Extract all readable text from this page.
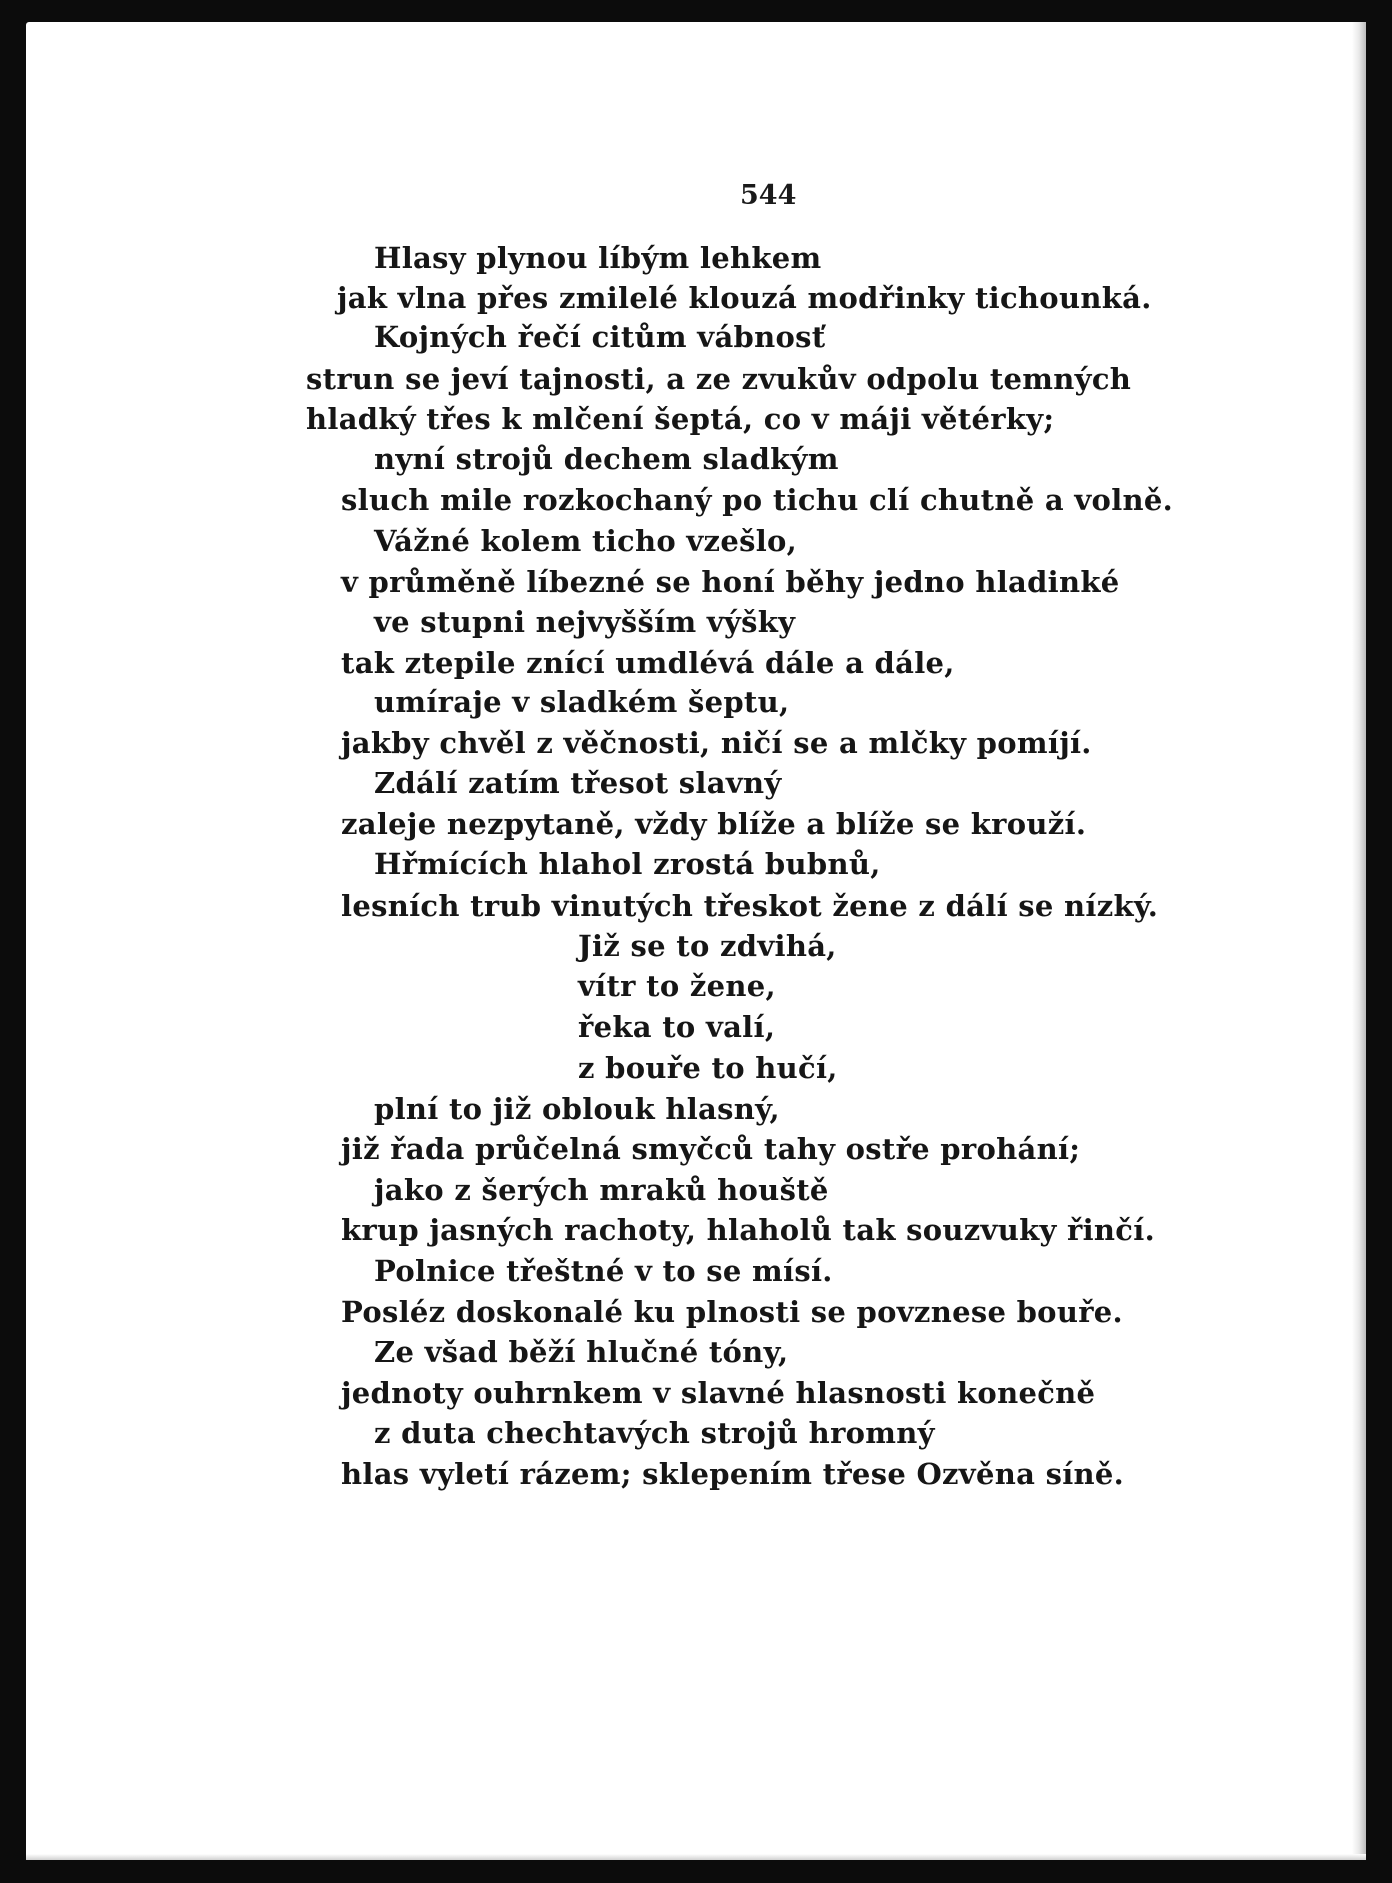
544

Hlasy plynou líbým lehkem
jak vlna přes zmilelé klouzá modřinky tichounká.
Kojných řečí citům vábnosť
strun se jeví tajnosti, a ze zvukův odpolu temných
hladký třes k mlčení šeptá, co v máji větérky;
nyní strojů dechem sladkým
sluch mile rozkochaný po tichu clí chutně a volně.
Vážné kolem ticho vzešlo,
v průměně líbezné se honí běhy jedno hladinké
ve stupni nejvyšším výšky
tak ztepile znící umdlévá dále a dále,
umíraje v sladkém šeptu,
jakby chvěl z věčnosti, ničí se a mlčky pomíjí.
Zdálí zatím třesot slavný
zaleje nezpytaně, vždy blíže a blíže se krouží.
Hřmících hlahol zrostá bubnů,
lesních trub vinutých třeskot žene z dálí se nízký.
Již se to zdvihá,
vítr to žene,
řeka to valí,
z bouře to hučí,
plní to již oblouk hlasný,
již řada průčelná smyčců tahy ostře prohání;
jako z šerých mraků houště
krup jasných rachoty, hlaholů tak souzvuky řinčí.
Polnice třeštné v to se mísí.
Posléz doskonalé ku plnosti se povznese bouře.
Ze všad běží hlučné tóny,
jednoty ouhrnkem v slavné hlasnosti konečně
z duta chechtavých strojů hromný
hlas vyletí rázem; sklepením třese Ozvěna síně.
